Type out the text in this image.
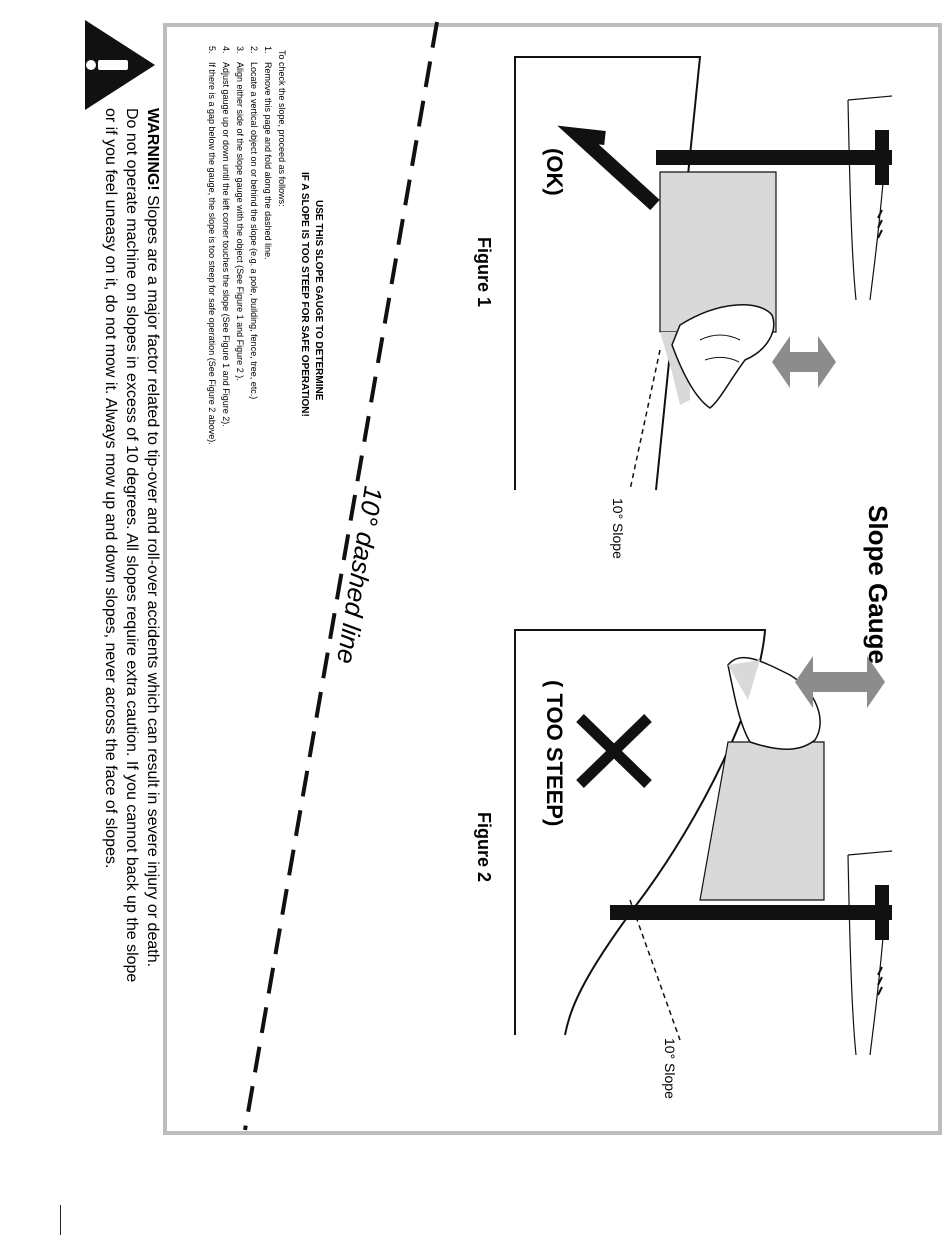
Slope Gauge
Figure 1
Figure 2
(OK)
( TOO STEEP)
10° Slope
10° Slope
10° dashed line
USE THIS SLOPE GAUGE TO DETERMINE
IF A SLOPE IS TOO STEEP FOR SAFE OPERATION!
To check the slope, proceed as follows:
1.
Remove this page and fold along the dashed line.
2.
Locate a vertical object on or behind the slope (e.g. a pole, building, fence, tree, etc.)
3.
Align either side of the slope gauge with the object (See Figure 1 and Figure 2 ).
4.
Adjust gauge up or down until the left corner touches the slope (See Figure 1 and Figure 2).
5.
If there is a gap below the gauge, the slope is too steep for safe operation (See Figure 2 above).
WARNING! Slopes are a major factor related to tip-over and roll-over accidents which can result in severe injury or death.
Do not operate machine on slopes in excess of 10 degrees. All slopes require extra caution. If you cannot back up the slope
or if you feel uneasy on it, do not mow it. Always mow up and down slopes, never across the face of slopes.
